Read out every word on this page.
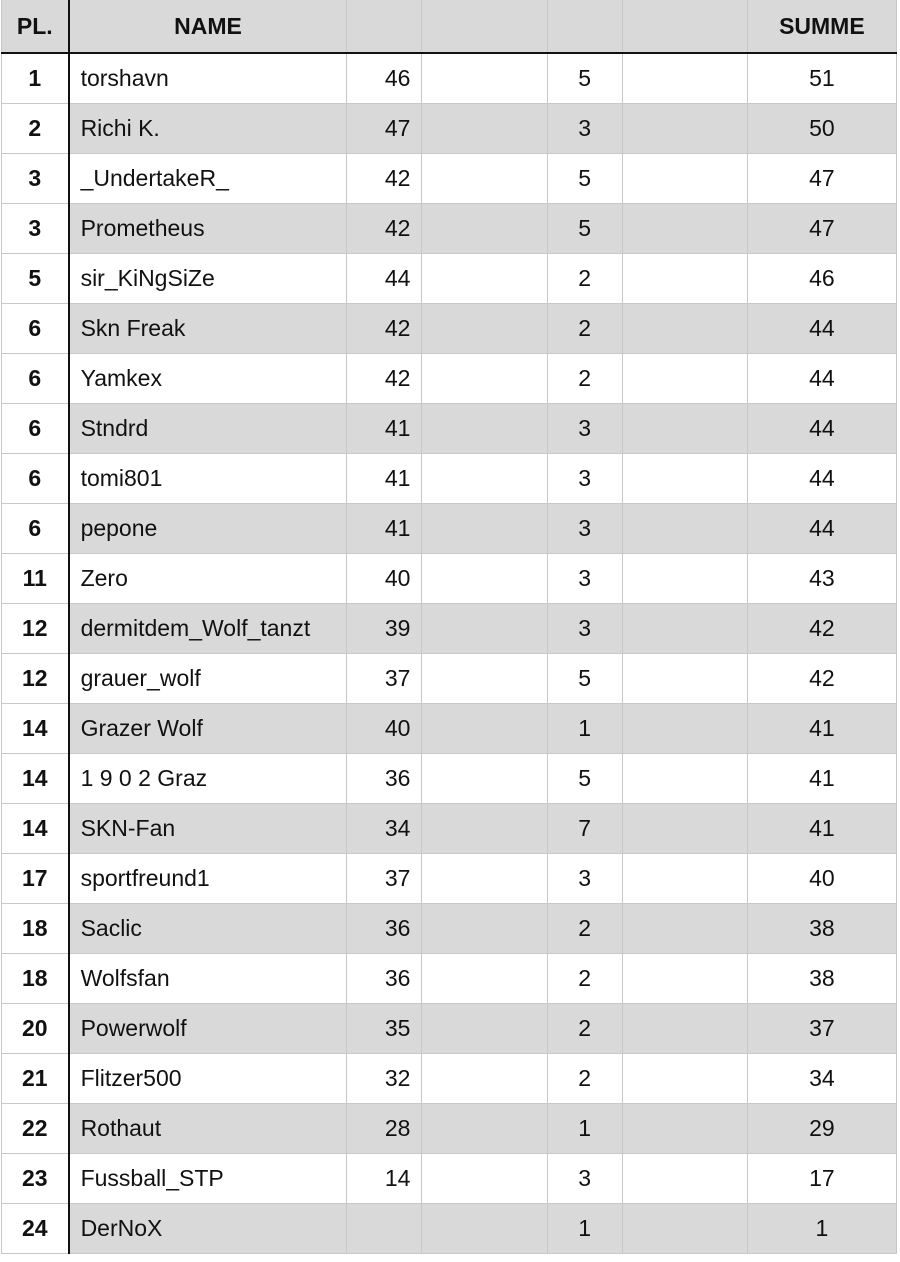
PL.	NAME					SUMME
1	torshavn	46		5		51
2	Richi K.	47		3		50
3	_UndertakeR_	42		5		47
3	Prometheus	42		5		47
5	sir_KiNgSiZe	44		2		46
6	Skn Freak	42		2		44
6	Yamkex	42		2		44
6	Stndrd	41		3		44
6	tomi801	41		3		44
6	pepone	41		3		44
11	Zero	40		3		43
12	dermitdem_Wolf_tanzt	39		3		42
12	grauer_wolf	37		5		42
14	Grazer Wolf	40		1		41
14	1 9 0 2 Graz	36		5		41
14	SKN-Fan	34		7		41
17	sportfreund1	37		3		40
18	Saclic	36		2		38
18	Wolfsfan	36		2		38
20	Powerwolf	35		2		37
21	Flitzer500	32		2		34
22	Rothaut	28		1		29
23	Fussball_STP	14		3		17
24	DerNoX			1		1
